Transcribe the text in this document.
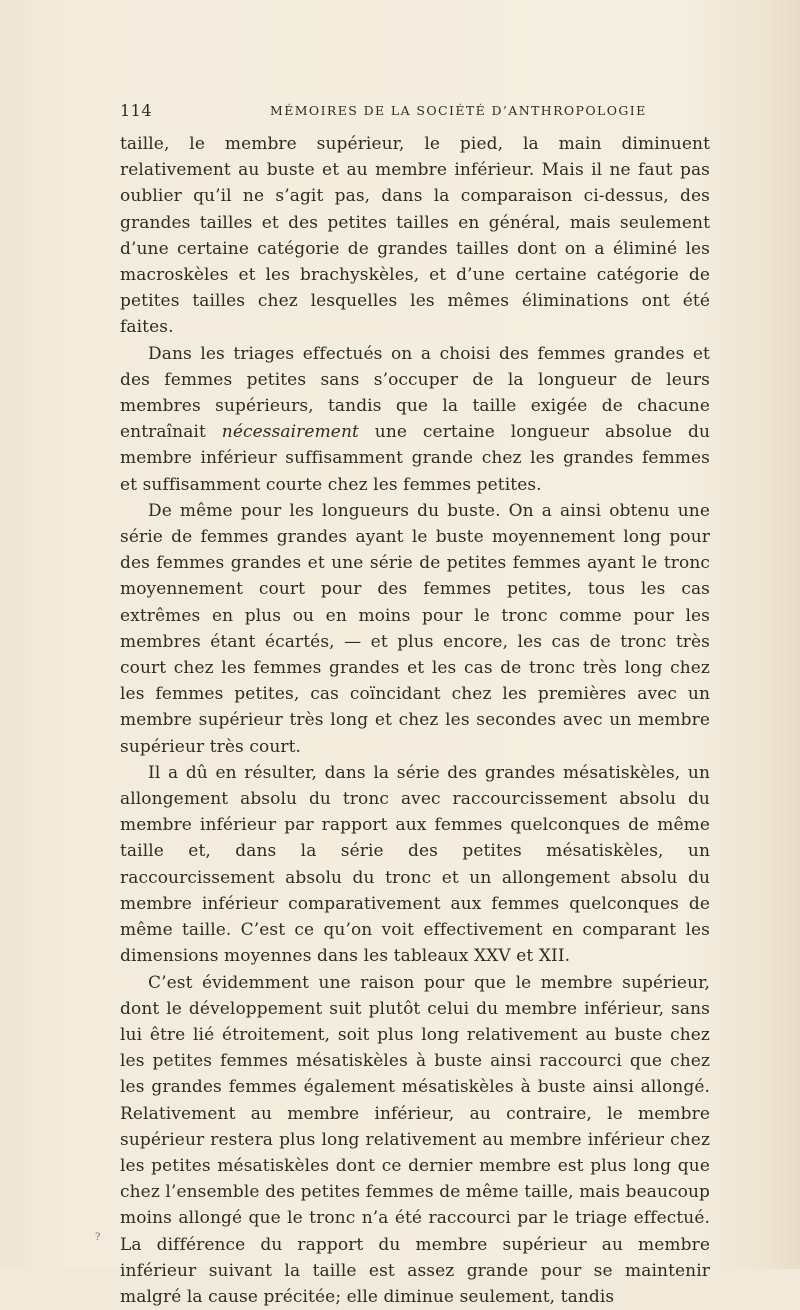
114	MÉMOIRES DE LA SOCIÉTÉ D’ANTHROPOLOGIE

taille, le membre supérieur, le pied, la main diminuent relativement au buste et au membre inférieur. Mais il ne faut pas oublier qu’il ne s’agit pas, dans la comparaison ci-dessus, des grandes tailles et des petites tailles en général, mais seulement d’une certaine catégorie de grandes tailles dont on a éliminé les macroskèles et les brachyskèles, et d’une certaine catégorie de petites tailles chez lesquelles les mêmes éliminations ont été faites.

Dans les triages effectués on a choisi des femmes grandes et des femmes petites sans s’occuper de la longueur de leurs membres supérieurs, tandis que la taille exigée de chacune entraînait nécessairement une certaine longueur absolue du membre inférieur suffisamment grande chez les grandes femmes et suffisamment courte chez les femmes petites.

De même pour les longueurs du buste. On a ainsi obtenu une série de femmes grandes ayant le buste moyennement long pour des femmes grandes et une série de petites femmes ayant le tronc moyennement court pour des femmes petites, tous les cas extrêmes en plus ou en moins pour le tronc comme pour les membres étant écartés, — et plus encore, les cas de tronc très court chez les femmes grandes et les cas de tronc très long chez les femmes petites, cas coïncidant chez les premières avec un membre supérieur très long et chez les secondes avec un membre supérieur très court.

Il a dû en résulter, dans la série des grandes mésatiskèles, un allongement absolu du tronc avec raccourcissement absolu du membre inférieur par rapport aux femmes quelconques de même taille et, dans la série des petites mésatiskèles, un raccourcissement absolu du tronc et un allongement absolu du membre inférieur comparativement aux femmes quelconques de même taille. C’est ce qu’on voit effectivement en comparant les dimensions moyennes dans les tableaux XXV et XII.

C’est évidemment une raison pour que le membre supérieur, dont le développement suit plutôt celui du membre inférieur, sans lui être lié étroitement, soit plus long relativement au buste chez les petites femmes mésatiskèles à buste ainsi raccourci que chez les grandes femmes également mésatiskèles à buste ainsi allongé. Relativement au membre inférieur, au contraire, le membre supérieur restera plus long relativement au membre inférieur chez les petites mésatiskèles dont ce dernier membre est plus long que chez l’ensemble des petites femmes de même taille, mais beaucoup moins allongé que le tronc n’a été raccourci par le triage effectué. La différence du rapport du membre supérieur au membre inférieur suivant la taille est assez grande pour se maintenir malgré la cause précitée; elle diminue seulement, tandis

?
